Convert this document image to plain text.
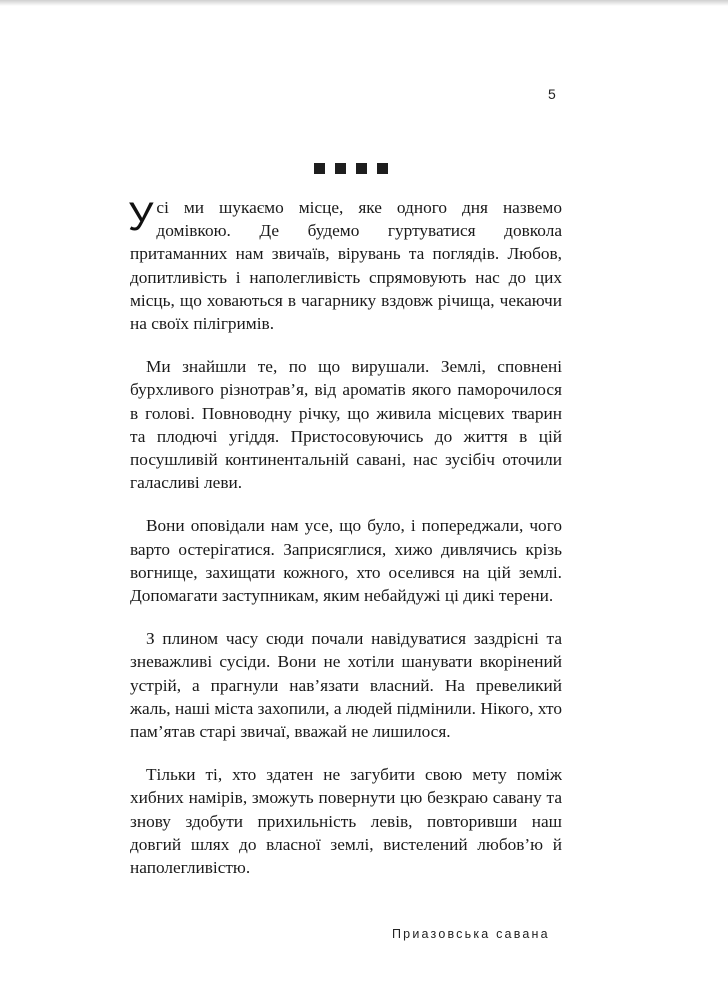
5

Усі ми шукаємо місце, яке одного дня назвемо домівкою. Де будемо гуртуватися довкола притаманних нам звичаїв, вірувань та поглядів. Любов, допитливість і наполегливість спрямовують нас до цих місць, що ховаються в чагарнику вздовж річища, чекаючи на своїх пілігримів.

Ми знайшли те, по що вирушали. Землі, сповнені бурхливого різнотрав’я, від ароматів якого паморочилося в голові. Повноводну річку, що живила місцевих тварин та плодючі угіддя. Пристосовуючись до життя в цій посушливій континентальній савані, нас зусібіч оточили галасливі леви.

Вони оповідали нам усе, що було, і попереджали, чого варто остерігатися. Заприсяглися, хижо дивлячись крізь вогнище, захищати кожного, хто оселився на цій землі. Допомагати заступникам, яким небайдужі ці дикі терени.

З плином часу сюди почали навідуватися заздрісні та зневажливі сусіди. Вони не хотіли шанувати вкорінений устрій, а прагнули нав’язати власний. На превеликий жаль, наші міста захопили, а людей підмінили. Нікого, хто пам’ятав старі звичаї, вважай не лишилося.

Тільки ті, хто здатен не загубити свою мету поміж хибних намірів, зможуть повернути цю безкраю савану та знову здобути прихильність левів, повторивши наш довгий шлях до власної землі, вистелений любов’ю й наполегливістю.

Приазовська савана
